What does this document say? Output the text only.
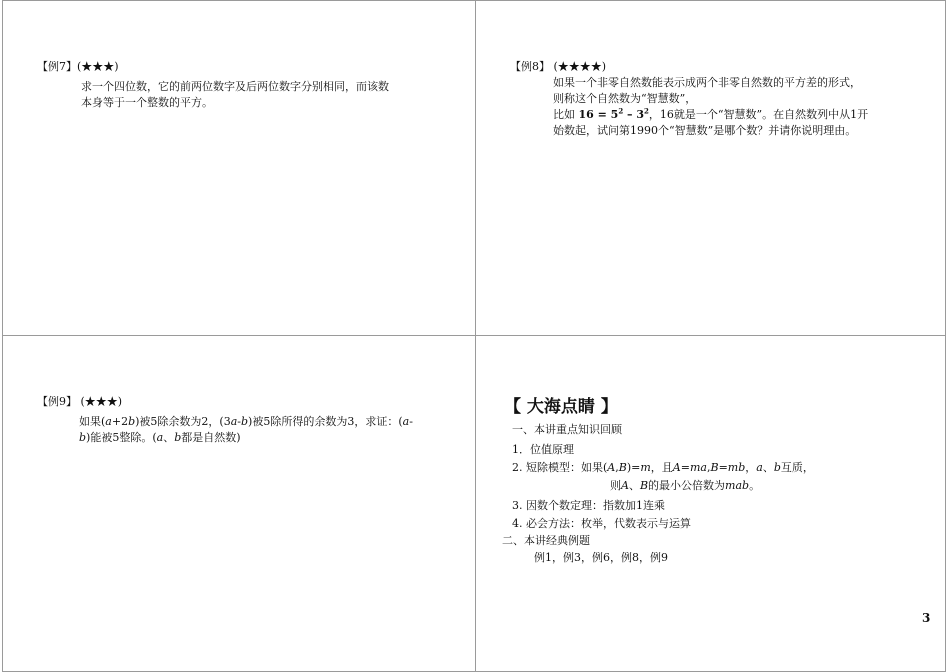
【例7】(★★★)
求一个四位数，它的前两位数字及后两位数字分别相同，而该数
本身等于一个整数的平方。
【例8】 (★★★★)
如果一个非零自然数能表示成两个非零自然数的平方差的形式，
则称这个自然数为“智慧数”，
比如 $16 = 5^2 - 3^2$，16就是一个“智慧数”。在自然数列中从1开
始数起，试问第1990个“智慧数”是哪个数？并请你说明理由。
【例9】 (★★★)
如果(a+2b)被5除余数为2，(3a-b)被5除所得的余数为3，求证：(a-
b)能被5整除。(a、b都是自然数)
【 大海点睛 】
一、本讲重点知识回顾
1．位值原理
2. 短除模型：如果(A,B)=m，且A=ma,B=mb，a、b互质，
则A、B的最小公倍数为mab。
3. 因数个数定理：指数加1连乘
4. 必会方法：枚举，代数表示与运算
二、本讲经典例题
例1，例3，例6，例8，例9
3
